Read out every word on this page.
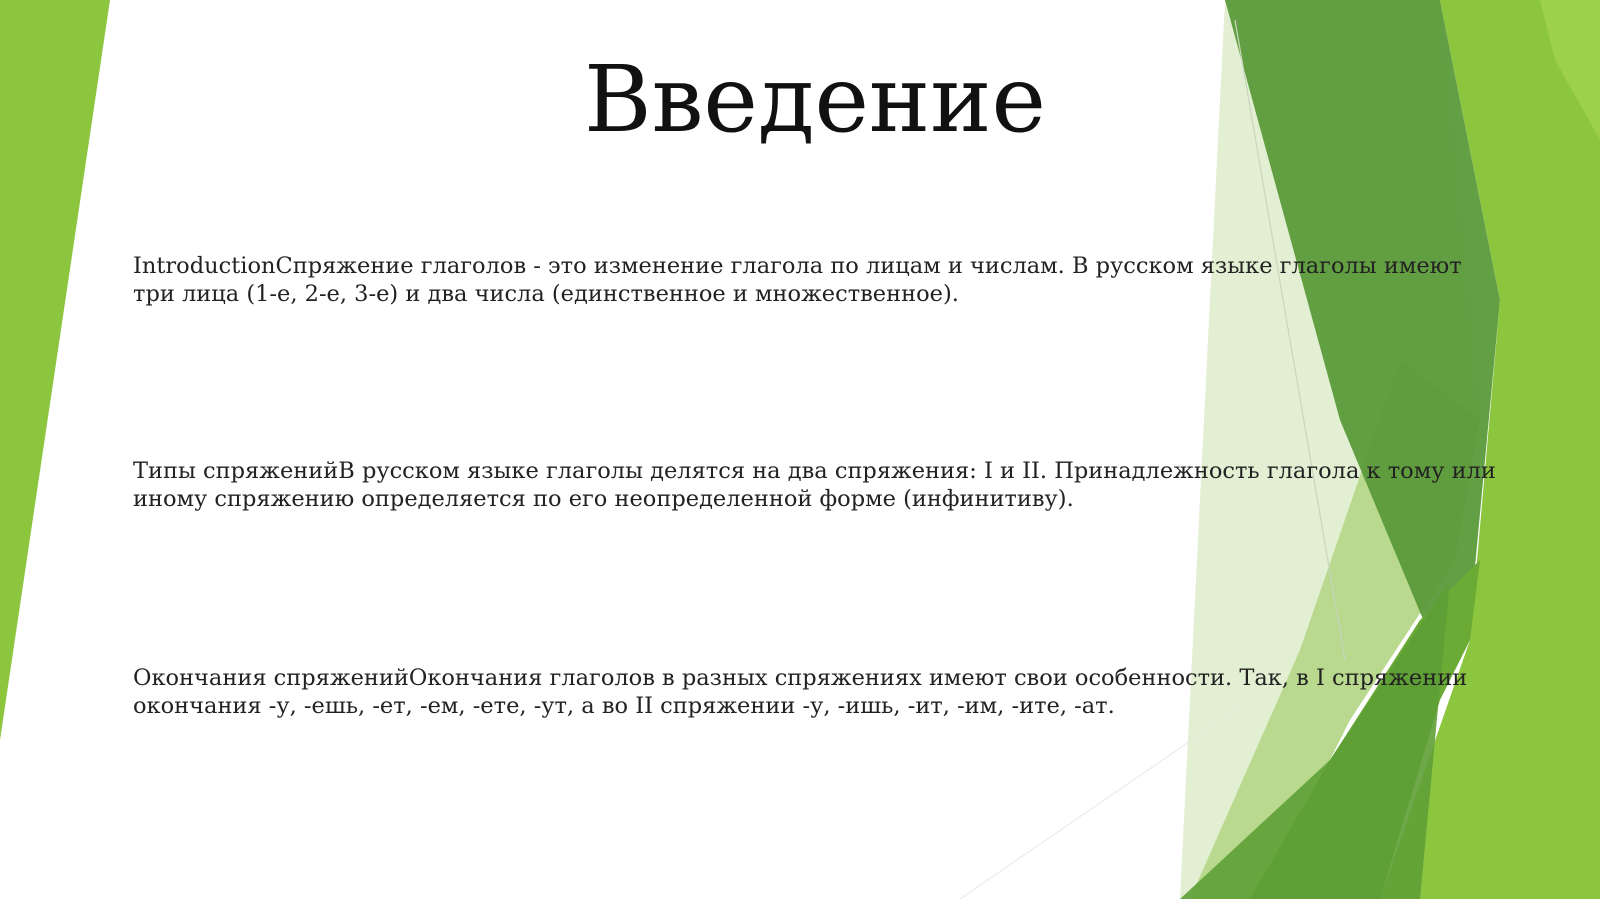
Введение

IntroductionСпряжение глаголов - это изменение глагола по лицам и числам. В русском языке глаголы имеют три лица (1-е, 2-е, 3-е) и два числа (единственное и множественное).

Типы спряженийВ русском языке глаголы делятся на два спряжения: I и II. Принадлежность глагола к тому или иному спряжению определяется по его неопределенной форме (инфинитиву).

Окончания спряженийОкончания глаголов в разных спряжениях имеют свои особенности. Так, в I спряжении окончания -у, -ешь, -ет, -ем, -ете, -ут, а во II спряжении -у, -ишь, -ит, -им, -ите, -ат.
